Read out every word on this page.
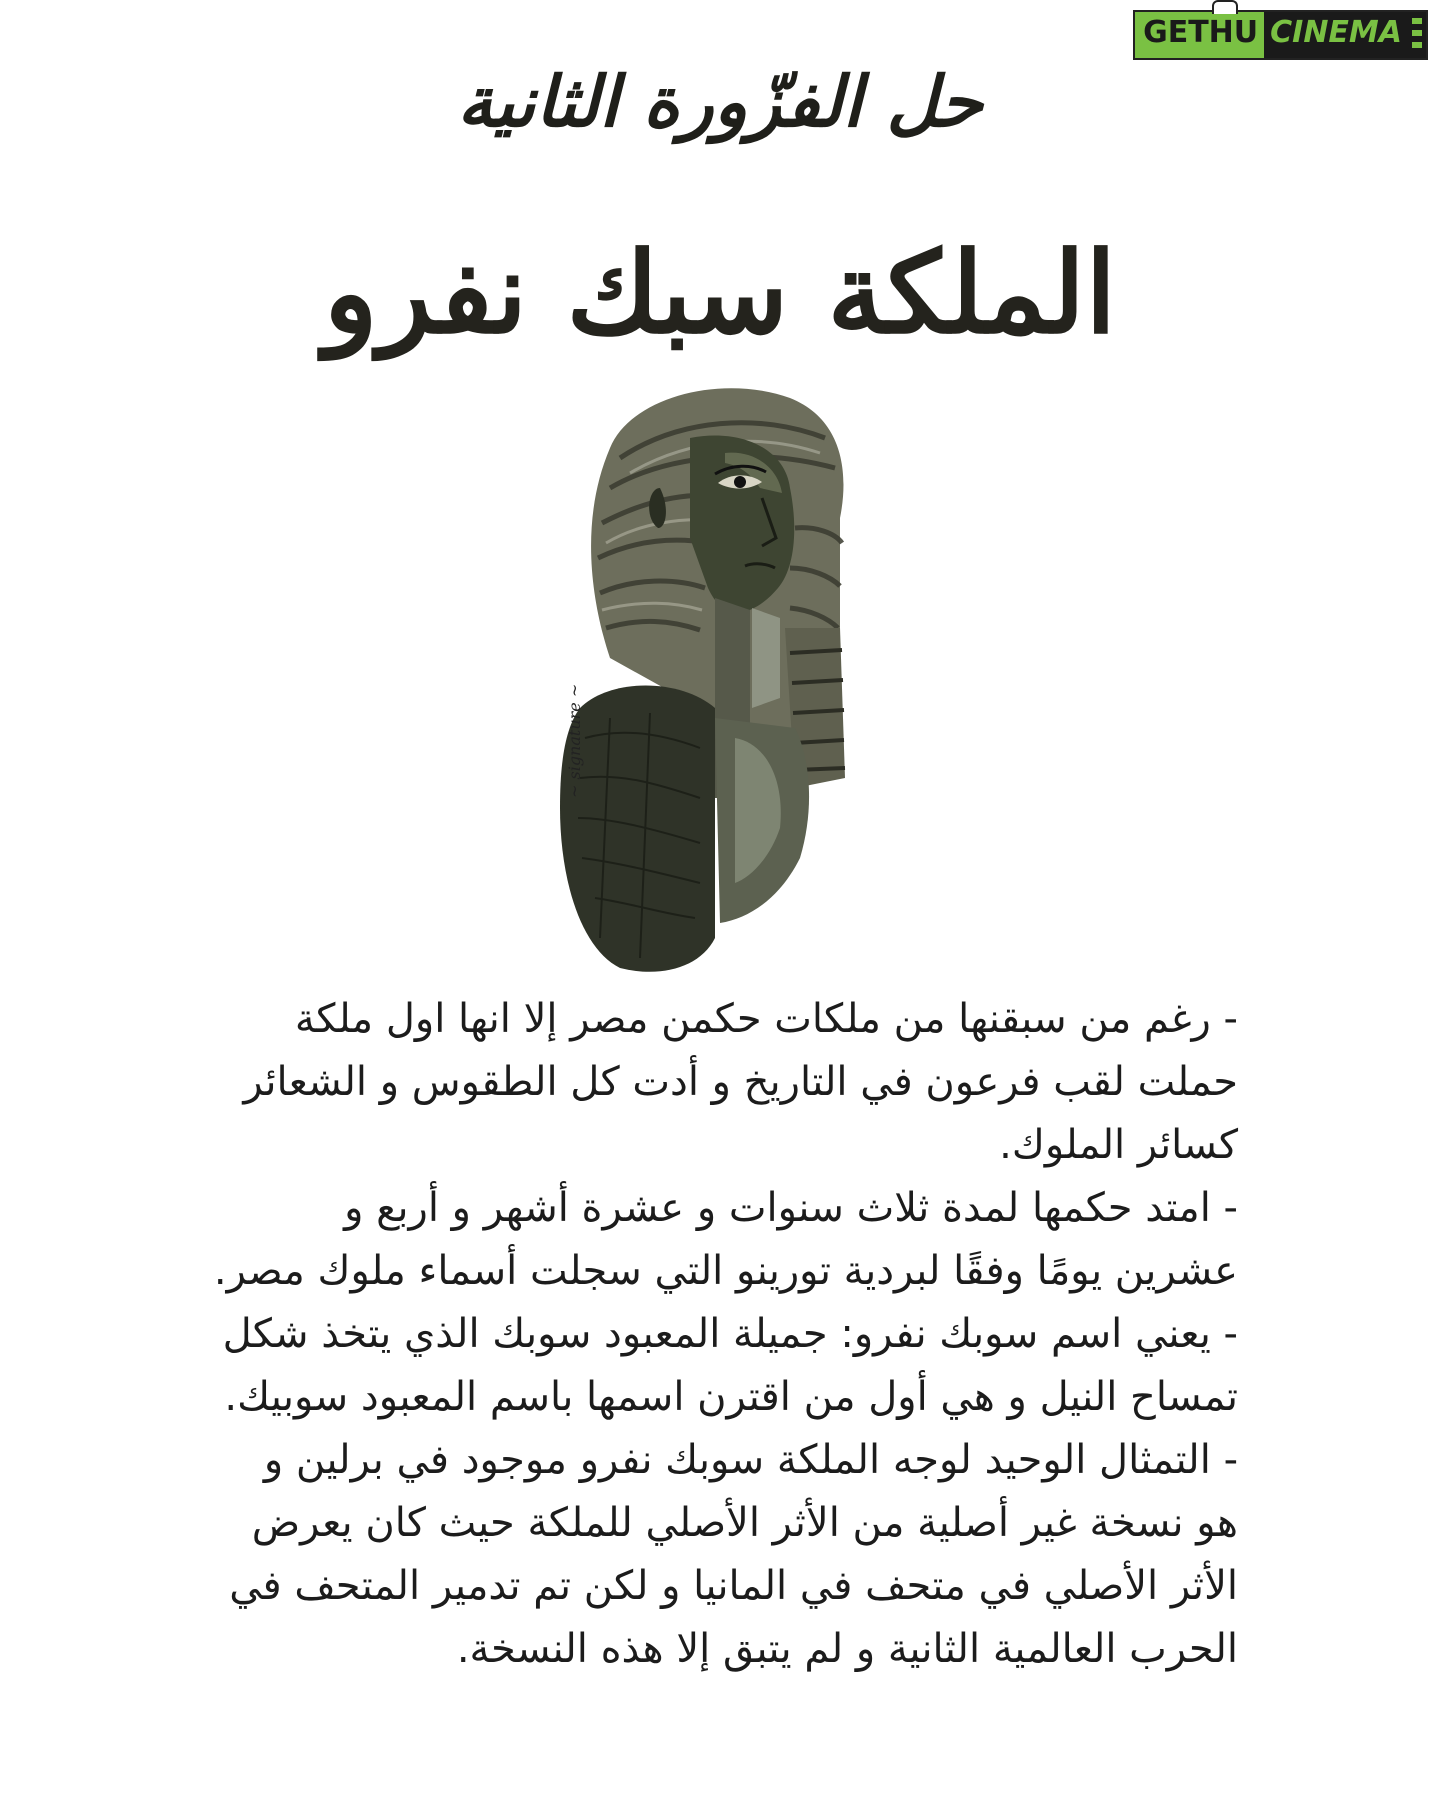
GETHU CINEMA
حل الفزّورة الثانية
الملكة سبك نفرو
~ signature ~

- رغم من سبقنها من ملكات حكمن مصر إلا انها اول ملكة حملت لقب فرعون في التاريخ و أدت كل الطقوس و الشعائر كسائر الملوك.

- امتد حكمها لمدة ثلاث سنوات و عشرة أشهر و أربع و عشرين يومًا وفقًا لبردية تورينو التي سجلت أسماء ملوك مصر.

- يعني اسم سوبك نفرو: جميلة المعبود سوبك الذي يتخذ شكل تمساح النيل و هي أول من اقترن اسمها باسم المعبود سوبيك.

- التمثال الوحيد لوجه الملكة سوبك نفرو موجود في برلين و هو نسخة غير أصلية من الأثر الأصلي للملكة حيث كان يعرض الأثر الأصلي في متحف في المانيا و لكن تم تدمير المتحف في الحرب العالمية الثانية و لم يتبق إلا هذه النسخة.
